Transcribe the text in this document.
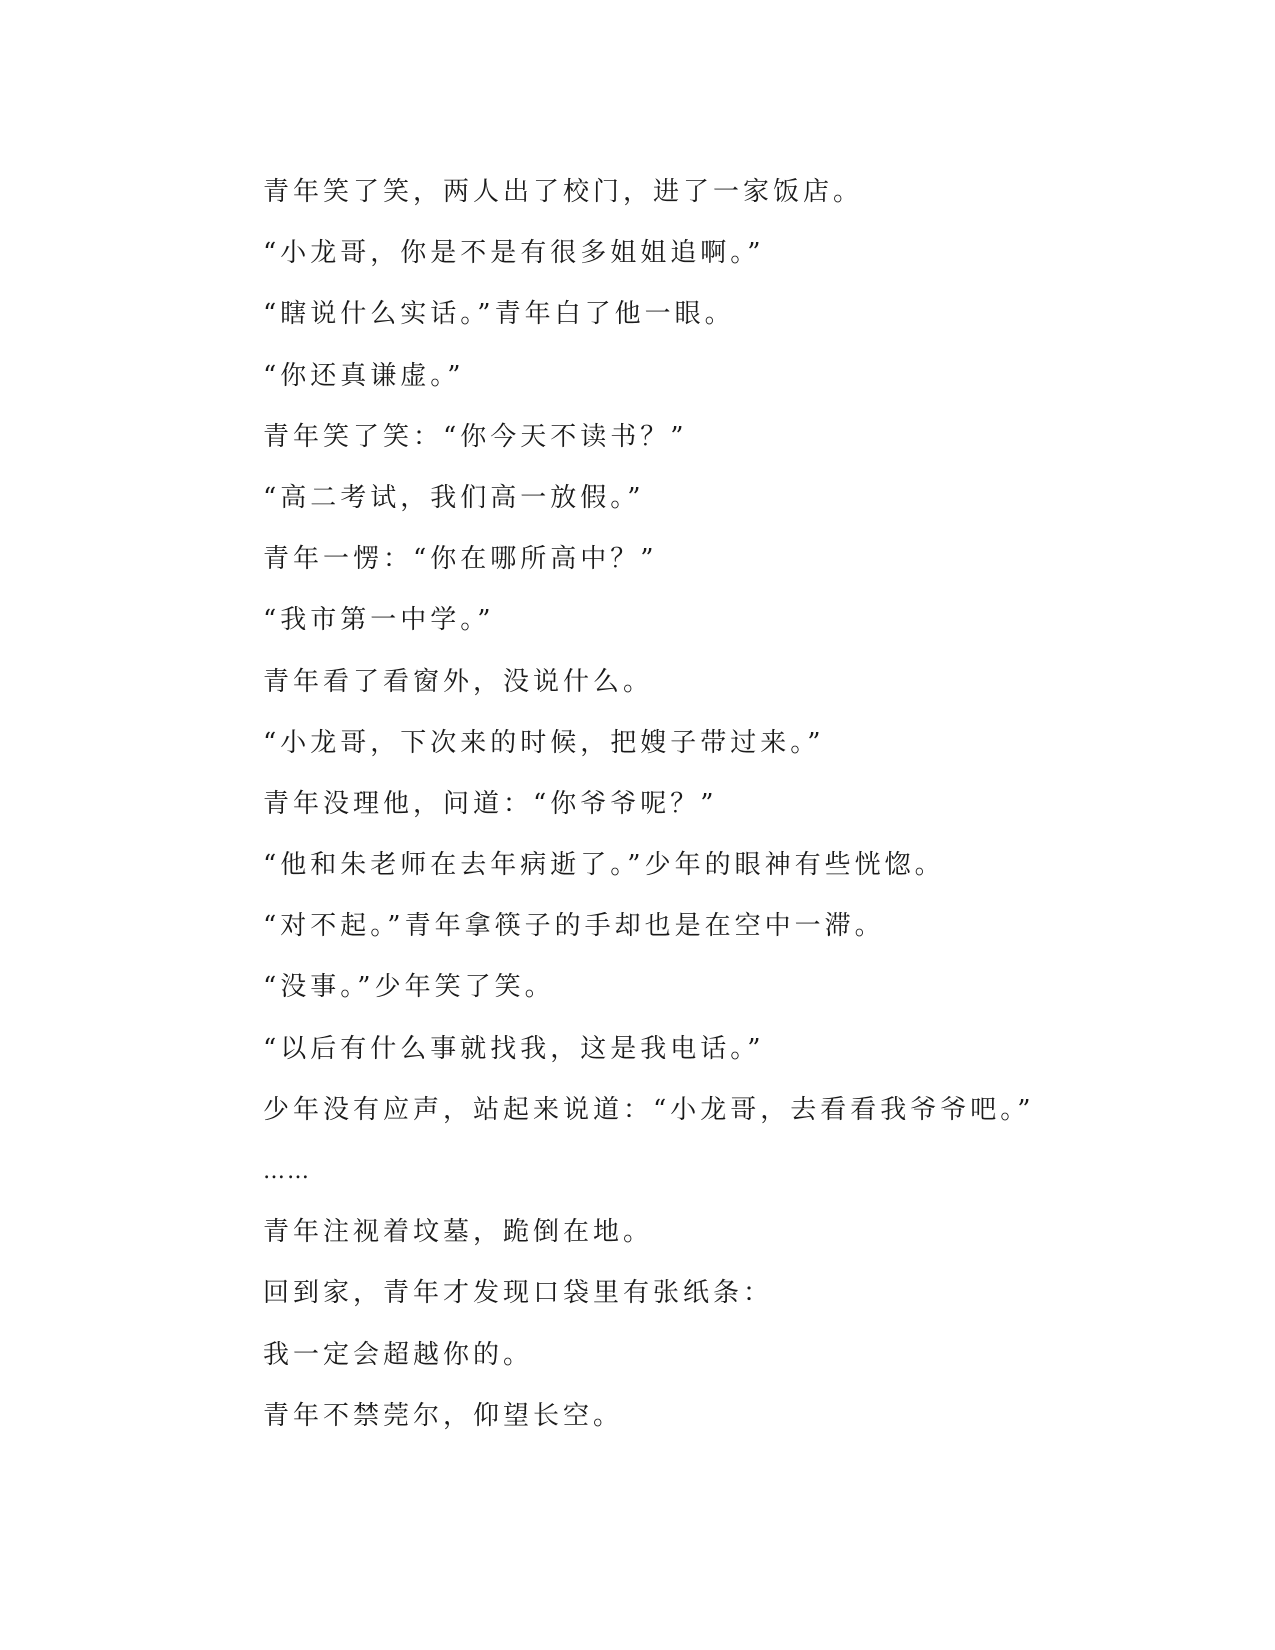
青年笑了笑，两人出了校门，进了一家饭店。
“小龙哥，你是不是有很多姐姐追啊。”
“瞎说什么实话。”青年白了他一眼。
“你还真谦虚。”
青年笑了笑：“你今天不读书？”
“高二考试，我们高一放假。”
青年一愣：“你在哪所高中？”
“我市第一中学。”
青年看了看窗外，没说什么。
“小龙哥，下次来的时候，把嫂子带过来。”
青年没理他，问道：“你爷爷呢？”
“他和朱老师在去年病逝了。”少年的眼神有些恍惚。
“对不起。”青年拿筷子的手却也是在空中一滞。
“没事。”少年笑了笑。
“以后有什么事就找我，这是我电话。”
少年没有应声，站起来说道：“小龙哥，去看看我爷爷吧。”
……
青年注视着坟墓，跪倒在地。
回到家，青年才发现口袋里有张纸条：
我一定会超越你的。
青年不禁莞尔，仰望长空。
